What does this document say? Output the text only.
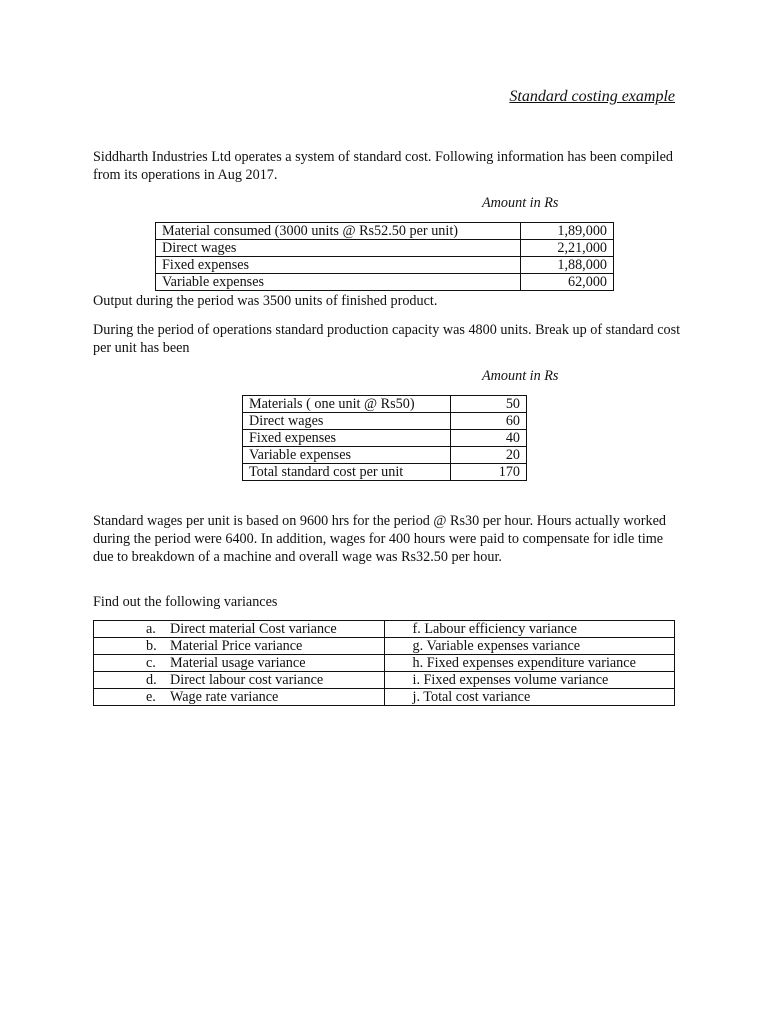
Standard costing example

Siddharth Industries Ltd operates a system of standard cost. Following information has been compiled from its operations in Aug 2017.

Amount in Rs
Material consumed (3000 units @ Rs52.50 per unit)	1,89,000
Direct wages	2,21,000
Fixed expenses	1,88,000
Variable expenses	62,000

Output during the period was 3500 units of finished product.

During the period of operations standard production capacity was 4800 units. Break up of standard cost per unit has been

Amount in Rs
Materials ( one unit @ Rs50)	50
Direct wages	60
Fixed expenses	40
Variable expenses	20
Total standard cost per unit	170

Standard wages per unit is based on 9600 hrs for the period @ Rs30 per hour. Hours actually worked during the period were 6400. In addition, wages for 400 hours were paid to compensate for idle time due to breakdown of a machine and overall wage was Rs32.50 per hour.

Find out the following variances

a. Direct material Cost variance	f. Labour efficiency variance
b. Material Price variance	g. Variable expenses variance
c. Material usage variance	h. Fixed expenses expenditure variance
d. Direct labour cost variance	i. Fixed expenses volume variance
e. Wage rate variance	j. Total cost variance
